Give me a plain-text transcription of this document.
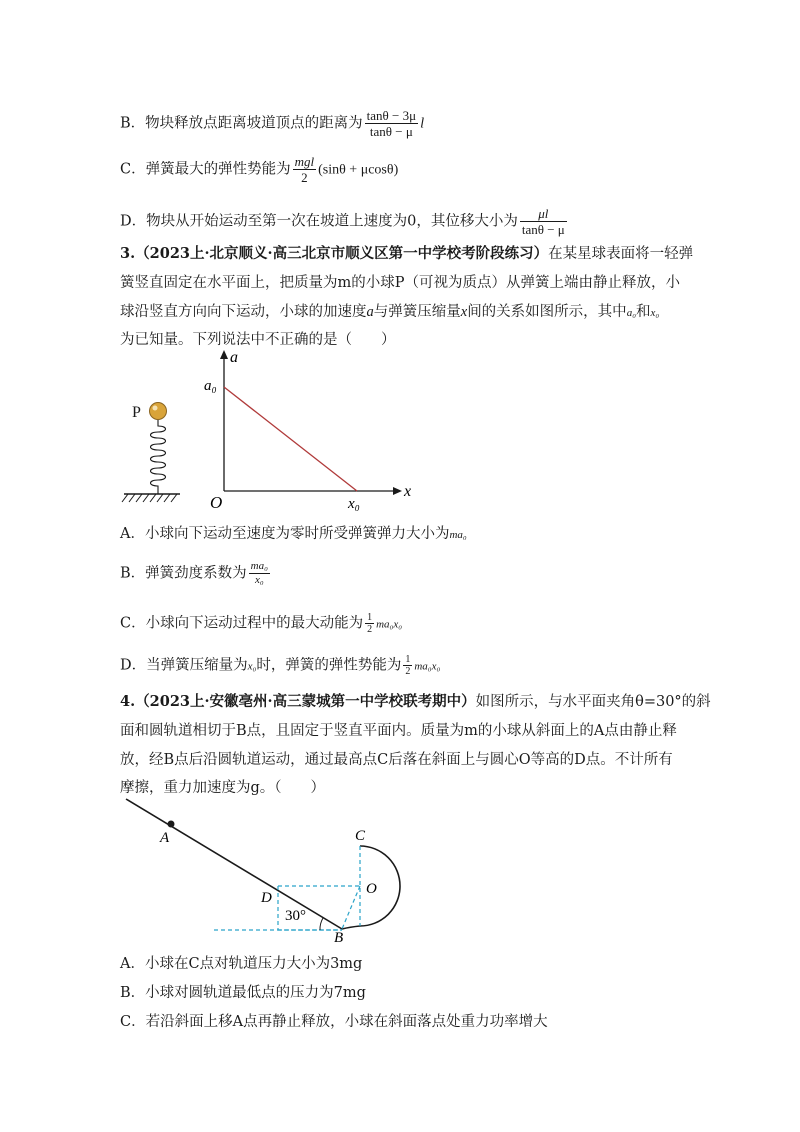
B．物块释放点距离坡道顶点的距离为 $\frac{\tan\theta - 3\mu}{\tan\theta - \mu}$ l
C．弹簧最大的弹性势能为 $\frac{\text{mgl}}{2} (\sin\theta + \mu\cos\theta)$
D．物块从开始运动至第一次在坡道上速度为0，其位移大小为 $\frac{\mu l}{\tan\theta - \mu}$
3.（2023上·北京顺义·高三北京市顺义区第一中学校考阶段练习）在某星球表面将一轻弹
簧竖直固定在水平面上，把质量为m的小球P（可视为质点）从弹簧上端由静止释放，小
球沿竖直方向向下运动，小球的加速度a与弹簧压缩量x间的关系如图所示，其中a₀和x₀
为已知量。下列说法中不正确的是（　　）
P
a
x
O
a₀
x₀
A．小球向下运动至速度为零时所受弹簧弹力大小为ma₀
B．弹簧劲度系数为 $\frac{\text{ma₀}}{\text{x₀}}$
C．小球向下运动过程中的最大动能为 $\frac{1}{2} ma_0x_0$
D．当弹簧压缩量为x₀时，弹簧的弹性势能为 $\frac{1}{2} ma_0x_0$
4.（2023上·安徽亳州·高三蒙城第一中学校联考期中）如图所示，与水平面夹角θ=30°的斜
面和圆轨道相切于B点，且固定于竖直平面内。质量为m的小球从斜面上的A点由静止释
放，经B点后沿圆轨道运动，通过最高点C后落在斜面上与圆心O等高的D点。不计所有
摩擦，重力加速度为g。（　　）
A
B
C
D
O
30°
A．小球在C点对轨道压力大小为3mg
B．小球对圆轨道最低点的压力为7mg
C．若沿斜面上移A点再静止释放，小球在斜面落点处重力功率增大
